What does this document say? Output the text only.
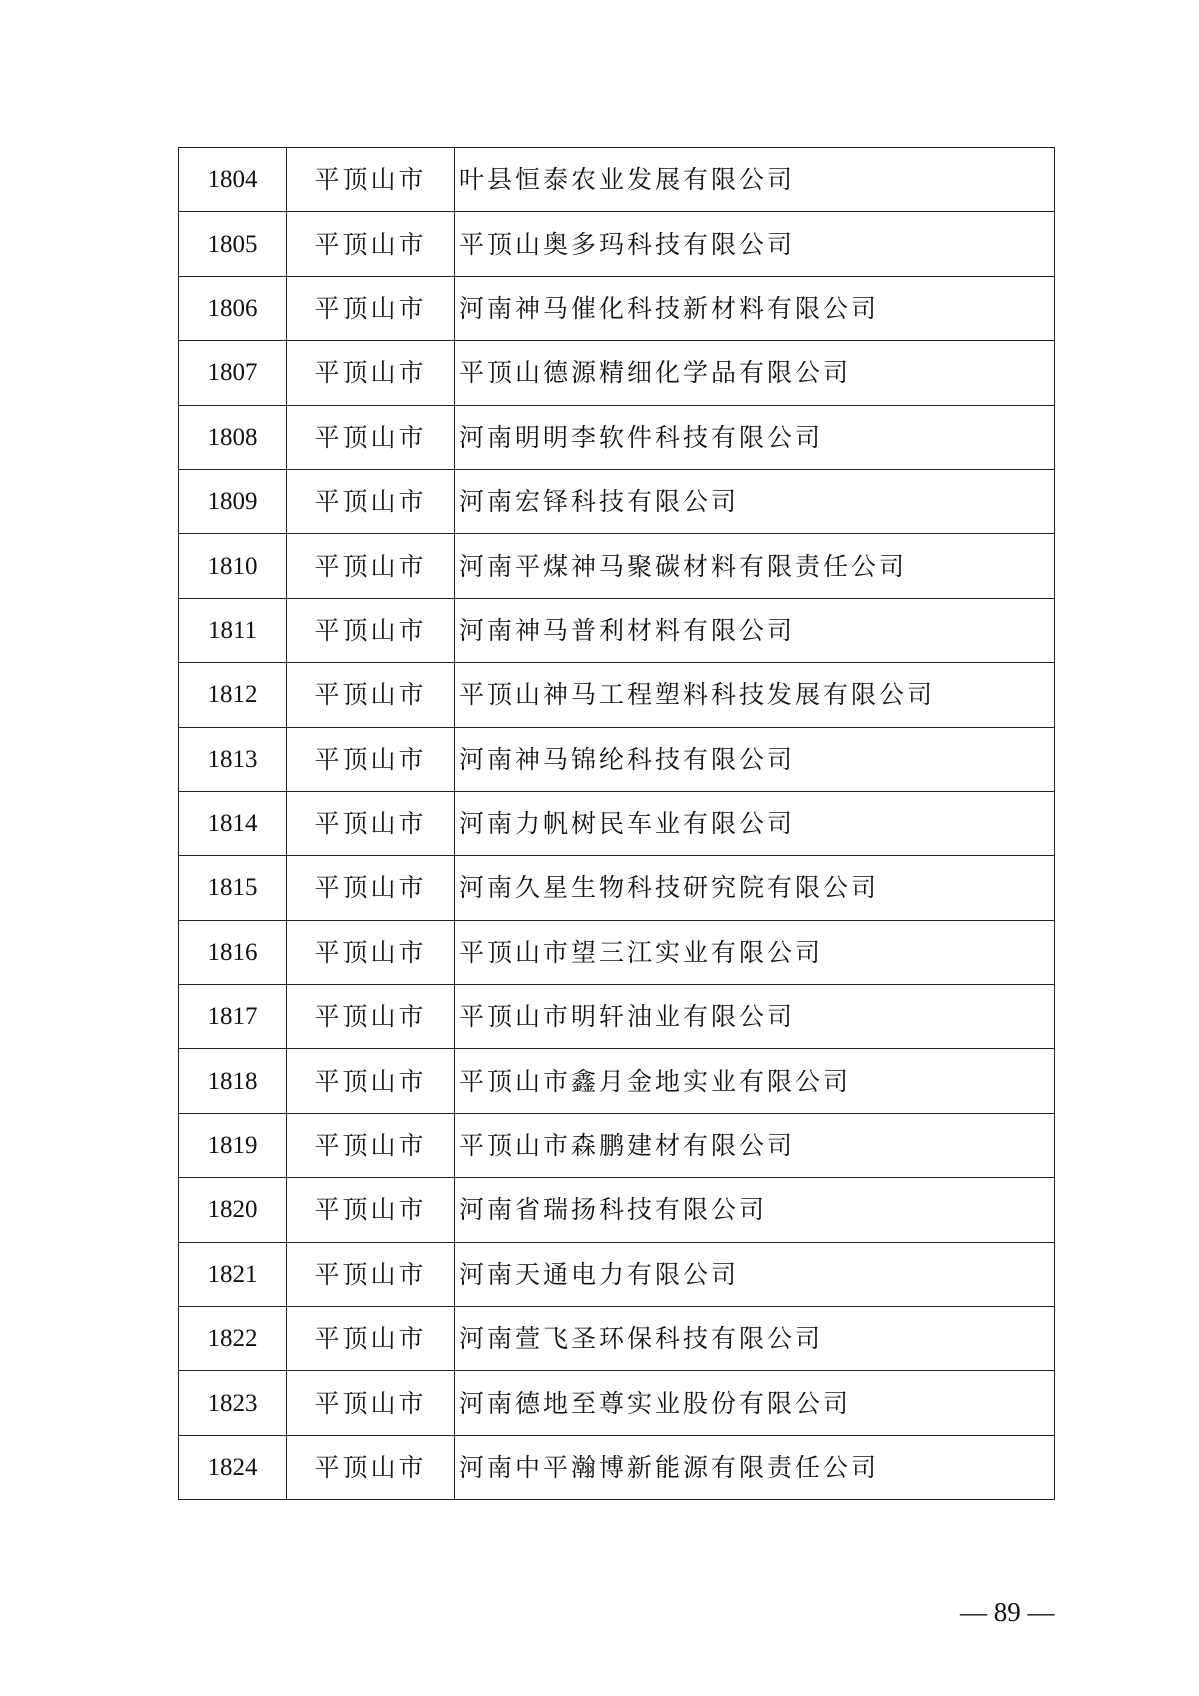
1804	平顶山市	叶县恒泰农业发展有限公司
1805	平顶山市	平顶山奥多玛科技有限公司
1806	平顶山市	河南神马催化科技新材料有限公司
1807	平顶山市	平顶山德源精细化学品有限公司
1808	平顶山市	河南明明李软件科技有限公司
1809	平顶山市	河南宏铎科技有限公司
1810	平顶山市	河南平煤神马聚碳材料有限责任公司
1811	平顶山市	河南神马普利材料有限公司
1812	平顶山市	平顶山神马工程塑料科技发展有限公司
1813	平顶山市	河南神马锦纶科技有限公司
1814	平顶山市	河南力帆树民车业有限公司
1815	平顶山市	河南久星生物科技研究院有限公司
1816	平顶山市	平顶山市望三江实业有限公司
1817	平顶山市	平顶山市明轩油业有限公司
1818	平顶山市	平顶山市鑫月金地实业有限公司
1819	平顶山市	平顶山市森鹏建材有限公司
1820	平顶山市	河南省瑞扬科技有限公司
1821	平顶山市	河南天通电力有限公司
1822	平顶山市	河南萱飞圣环保科技有限公司
1823	平顶山市	河南德地至尊实业股份有限公司
1824	平顶山市	河南中平瀚博新能源有限责任公司
— 89 —
